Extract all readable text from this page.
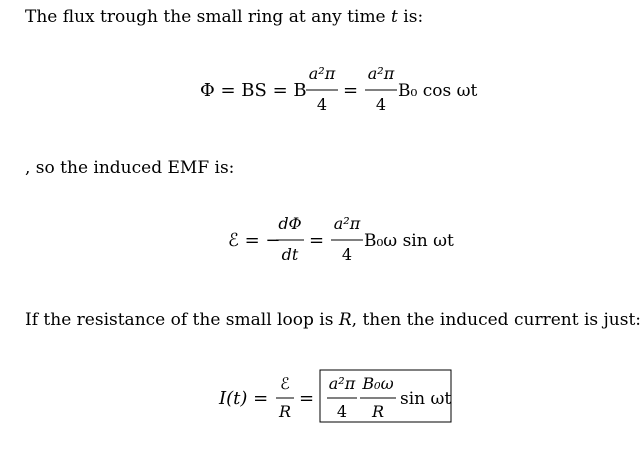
The flux trough the small ring at any time t is:
Φ = BS = B
a²π
4
=
a²π
4
B₀ cos ωt
, so the induced EMF is:
ℰ = −
dΦ
dt
=
a²π
4
B₀ω sin ωt
If the resistance of the small loop is R, then the induced current is just:
I(t) =
ℰ
R
=
a²π
4
B₀ω
R
sin ωt
